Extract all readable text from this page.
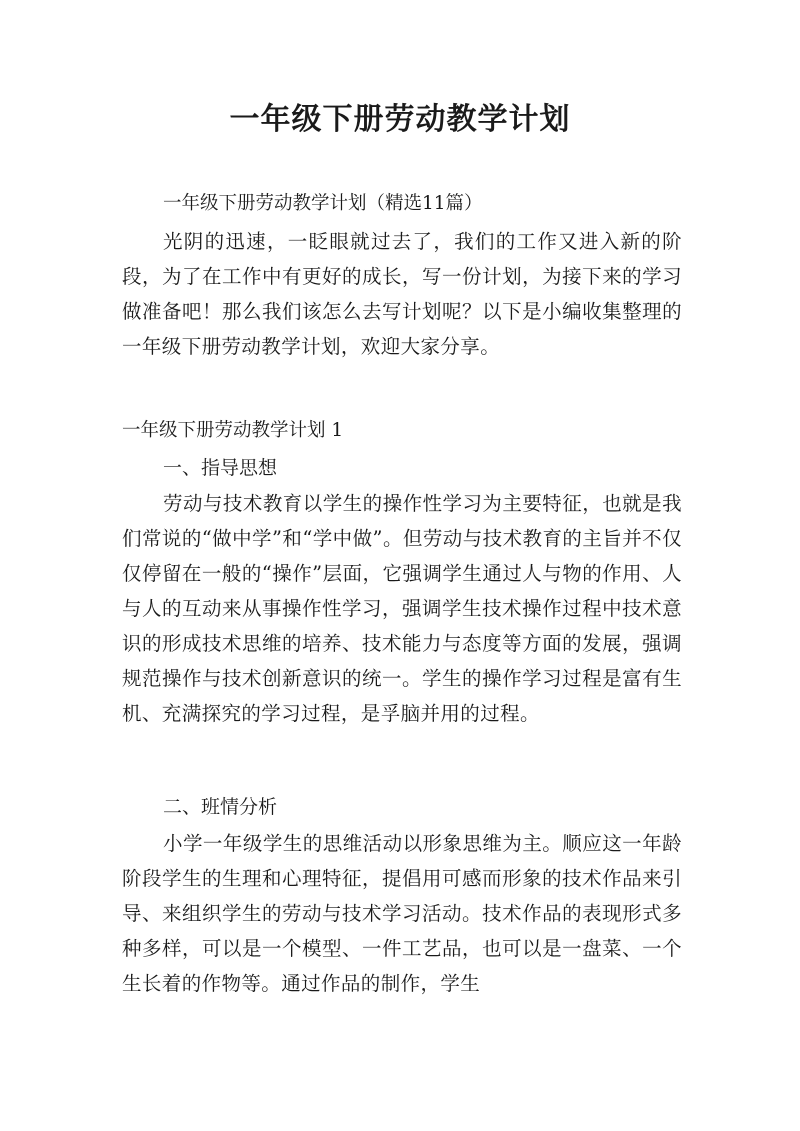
一年级下册劳动教学计划

一年级下册劳动教学计划（精选11篇）

光阴的迅速，一眨眼就过去了，我们的工作又进入新的阶段，为了在工作中有更好的成长，写一份计划，为接下来的学习做准备吧！那么我们该怎么去写计划呢？以下是小编收集整理的一年级下册劳动教学计划，欢迎大家分享。

一年级下册劳动教学计划 1

一、指导思想

劳动与技术教育以学生的操作性学习为主要特征，也就是我们常说的“做中学”和“学中做”。但劳动与技术教育的主旨并不仅仅停留在一般的“操作”层面，它强调学生通过人与物的作用、人与人的互动来从事操作性学习，强调学生技术操作过程中技术意识的形成技术思维的培养、技术能力与态度等方面的发展，强调规范操作与技术创新意识的统一。学生的操作学习过程是富有生机、充满探究的学习过程，是孚脑并用的过程。

二、班情分析

小学一年级学生的思维活动以形象思维为主。顺应这一年龄阶段学生的生理和心理特征，提倡用可感而形象的技术作品来引导、来组织学生的劳动与技术学习活动。技术作品的表现形式多种多样，可以是一个模型、一件工艺品，也可以是一盘菜、一个生长着的作物等。通过作品的制作，学生
